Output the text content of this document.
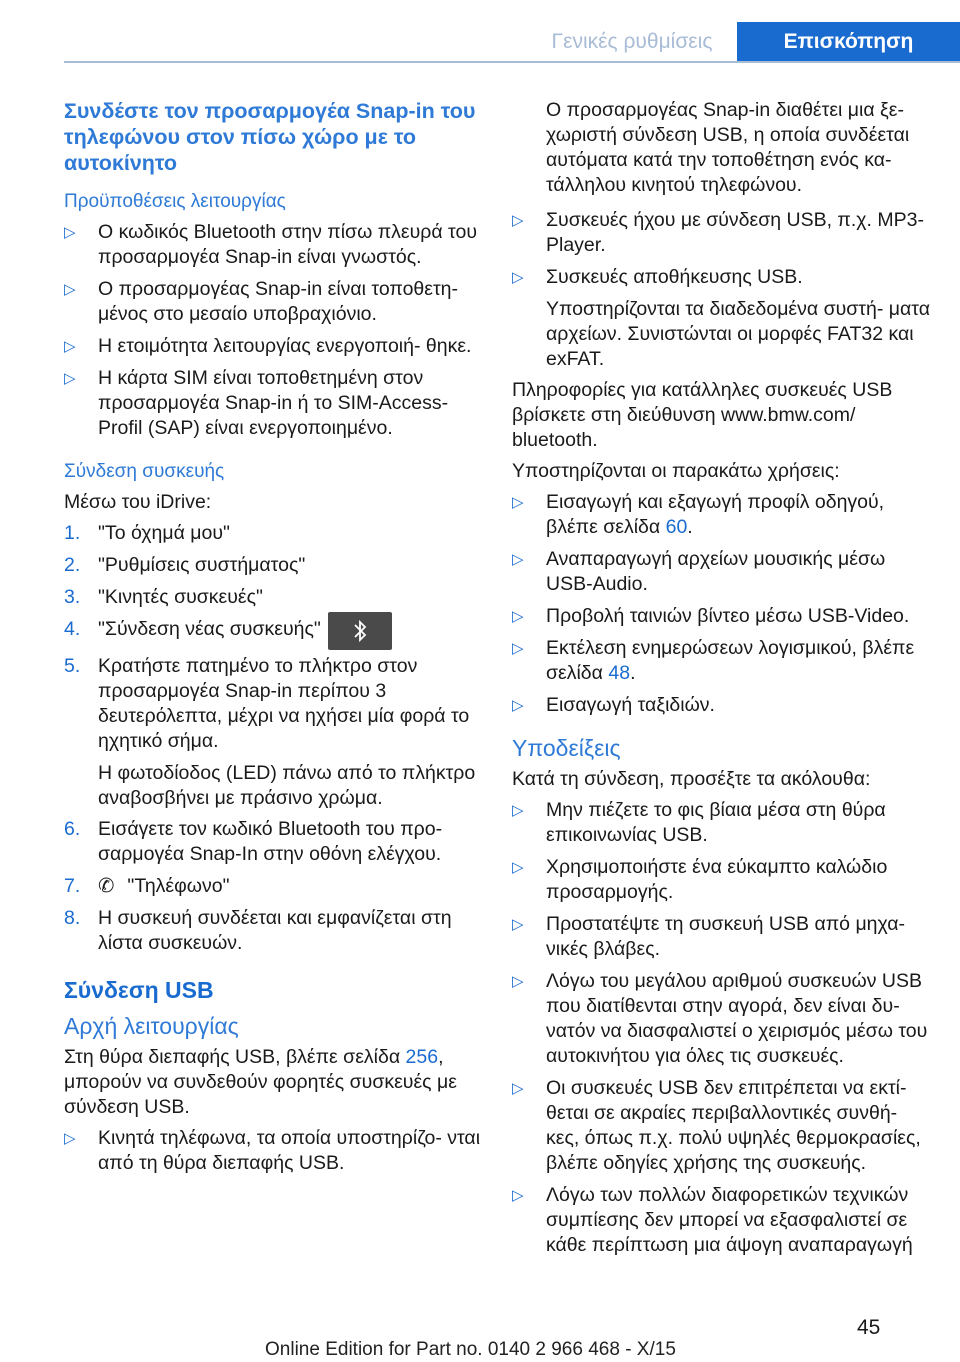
Γενικές ρυθμίσεις	Επισκόπηση
Συνδέστε τον προσαρμογέα Snap-in του τηλεφώνου στον πίσω χώρο με το αυτοκίνητο
Προϋποθέσεις λειτουργίας
▷	Ο κωδικός Bluetooth στην πίσω πλευρά του προσαρμογέα Snap-in είναι γνωστός.
▷	Ο προσαρμογέας Snap-in είναι τοποθετη‐ μένος στο μεσαίο υποβραχιόνιο.
▷	Η ετοιμότητα λειτουργίας ενεργοποιή‐ θηκε.
▷	Η κάρτα SIM είναι τοποθετημένη στον προσαρμογέα Snap-in ή το SIM-Access- Profil (SAP) είναι ενεργοποιημένο.
Σύνδεση συσκευής

Μέσω του iDrive:

1. "Το όχημά μου"
2. "Ρυθμίσεις συστήματος"
3. "Κινητές συσκευές"
4. "Σύνδεση νέας συσκευής"
5. Κρατήστε πατημένο το πλήκτρο στον προσαρμογέα Snap-in περίπου 3 δευτερόλεπτα, μέχρι να ηχήσει μία φορά το ηχητικό σήμα.

Η φωτοδίοδος (LED) πάνω από το πλήκτρο αναβοσβήνει με πράσινο χρώμα.

6. Εισάγετε τον κωδικό Bluetooth του προ‐ σαρμογέα Snap-In στην οθόνη ελέγχου.
7. ✆ "Τηλέφωνο"
8. Η συσκευή συνδέεται και εμφανίζεται στη λίστα συσκευών.
Σύνδεση USB
Αρχή λειτουργίας

Στη θύρα διεπαφής USB, βλέπε σελίδα 256, μπορούν να συνδεθούν φορητές συσκευές με σύνδεση USB.

▷	Κινητά τηλέφωνα, τα οποία υποστηρίζο‐ νται από τη θύρα διεπαφής USB.

Ο προσαρμογέας Snap-in διαθέτει μια ξε‐ χωριστή σύνδεση USB, η οποία συνδέεται αυτόματα κατά την τοποθέτηση ενός κα‐ τάλληλου κινητού τηλεφώνου.

▷	Συσκευές ήχου με σύνδεση USB, π.χ. MP3-Player.
▷	Συσκευές αποθήκευσης USB.

Υποστηρίζονται τα διαδεδομένα συστή‐ ματα αρχείων. Συνιστώνται οι μορφές FAT32 και exFAT.

Πληροφορίες για κατάλληλες συσκευές USB βρίσκετε στη διεύθυνση www.bmw.com/ bluetooth.

Υποστηρίζονται οι παρακάτω χρήσεις:

▷	Εισαγωγή και εξαγωγή προφίλ οδηγού, βλέπε σελίδα 60.
▷	Αναπαραγωγή αρχείων μουσικής μέσω USB-Audio.
▷	Προβολή ταινιών βίντεο μέσω USB-Video.
▷	Εκτέλεση ενημερώσεων λογισμικού, βλέπε σελίδα 48.
▷	Εισαγωγή ταξιδιών.
Υποδείξεις

Κατά τη σύνδεση, προσέξτε τα ακόλουθα:

▷	Μην πιέζετε το φις βίαια μέσα στη θύρα επικοινωνίας USB.
▷	Χρησιμοποιήστε ένα εύκαμπτο καλώδιο προσαρμογής.
▷	Προστατέψτε τη συσκευή USB από μηχα‐ νικές βλάβες.
▷	Λόγω του μεγάλου αριθμού συσκευών USB που διατίθενται στην αγορά, δεν είναι δυ‐ νατόν να διασφαλιστεί ο χειρισμός μέσω του αυτοκινήτου για όλες τις συσκευές.
▷	Οι συσκευές USB δεν επιτρέπεται να εκτί‐ θεται σε ακραίες περιβαλλοντικές συνθή‐ κες, όπως π.χ. πολύ υψηλές θερμοκρασίες, βλέπε οδηγίες χρήσης της συσκευής.
▷	Λόγω των πολλών διαφορετικών τεχνικών συμπίεσης δεν μπορεί να εξασφαλιστεί σε κάθε περίπτωση μια άψογη αναπαραγωγή
45
Online Edition for Part no. 0140 2 966 468 - X/15
